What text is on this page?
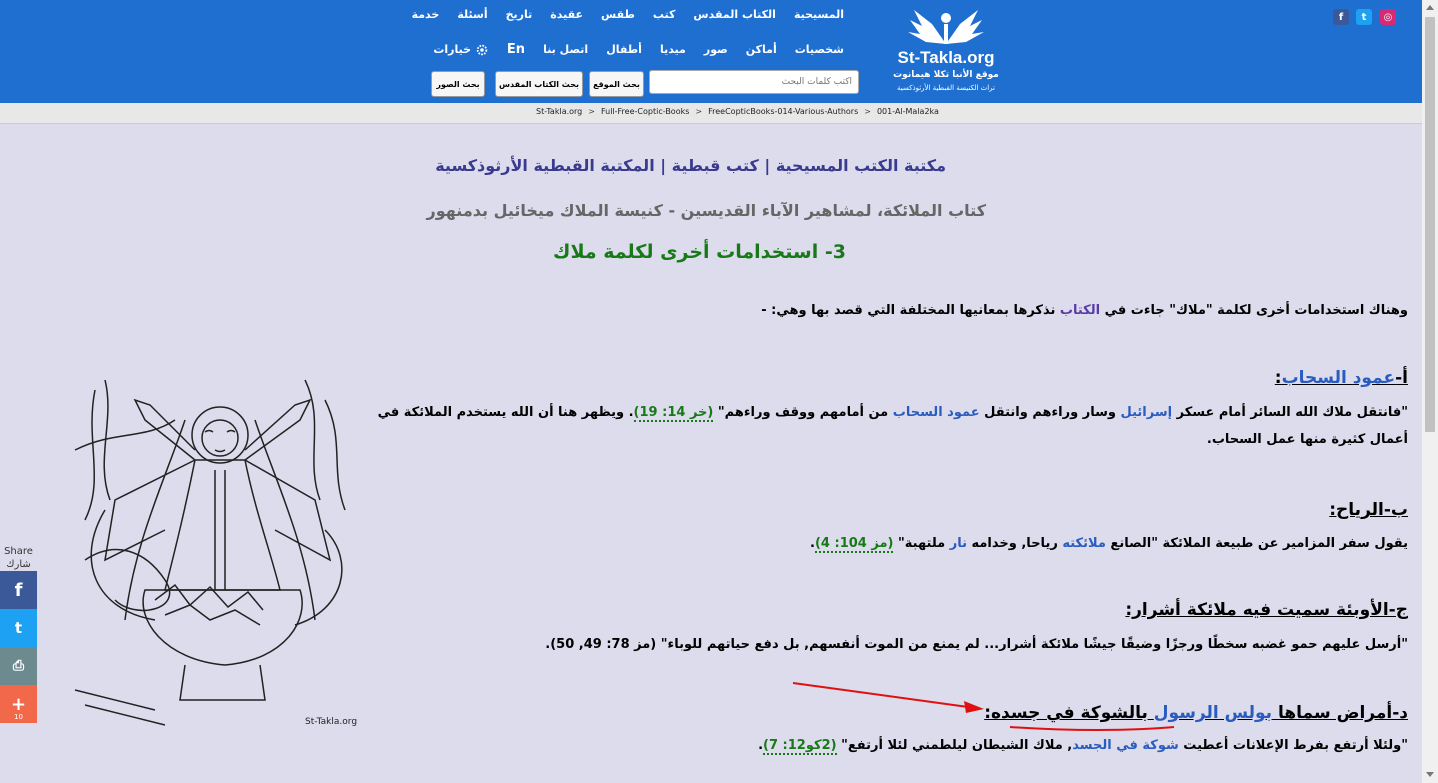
f	t	◎
St-Takla.org
موقع الأنبا تكلا هيمانوت
تراث الكنيسة القبطية الأرثوذكسية
المسيحية
الكتاب المقدس
كتب
طقس
عقيدة
تاريخ
أسئلة
خدمة
شخصيات
أماكن
صور
ميديا
أطفال
اتصل بنا
En
خيارات
اكتب كلمات البحث
بحث الموقع
بحث الكتاب المقدس
بحث الصور
St-Takla.org > Full-Free-Coptic-Books > FreeCopticBooks-014-Various-Authors > 001-Al-Mala2ka
مكتبة الكتب المسيحية | كتب قبطية | المكتبة القبطية الأرثوذكسية
كتاب الملائكة، لمشاهير الآباء القديسين - كنيسة الملاك ميخائيل بدمنهور
3- استخدامات أخرى لكلمة ملاك
وهناك استخدامات أخرى لكلمة "ملاك" جاءت في الكتاب نذكرها بمعانيها المختلفة التي قصد بها وهي: -
أ-عمود السحاب:
"فانتقل ملاك الله السائر أمام عسكر إسرائيل وسار وراءهم وانتقل عمود السحاب من أمامهم ووقف وراءهم" (خر 14: 19). ويظهر هنا أن الله يستخدم الملائكة في
أعمال كثيرة منها عمل السحاب.
ب-الرياح:
يقول سفر المزامير عن طبيعة الملائكة "الصانع ملائكته رياحا, وخدامه نار ملتهبة" (مز 104: 4).
ج-الأوبئة سميت فيه ملائكة أشرار:
"أرسل عليهم حمو غضبه سخطًا ورجزًا وضيقًا جيشًا ملائكة أشرار... لم يمنع من الموت أنفسهم, بل دفع حياتهم للوباء" (مز 78: 49, 50).
د-أمراض سماها بولس الرسول بالشوكة في جسده:
"ولئلا أرتفع بفرط الإعلانات أعطيت شوكة في الجسد, ملاك الشيطان ليلطمني لئلا أرتفع" (2كو12: 7).
St-Takla.org
Share
شارك
f
t
⎙
+
10
